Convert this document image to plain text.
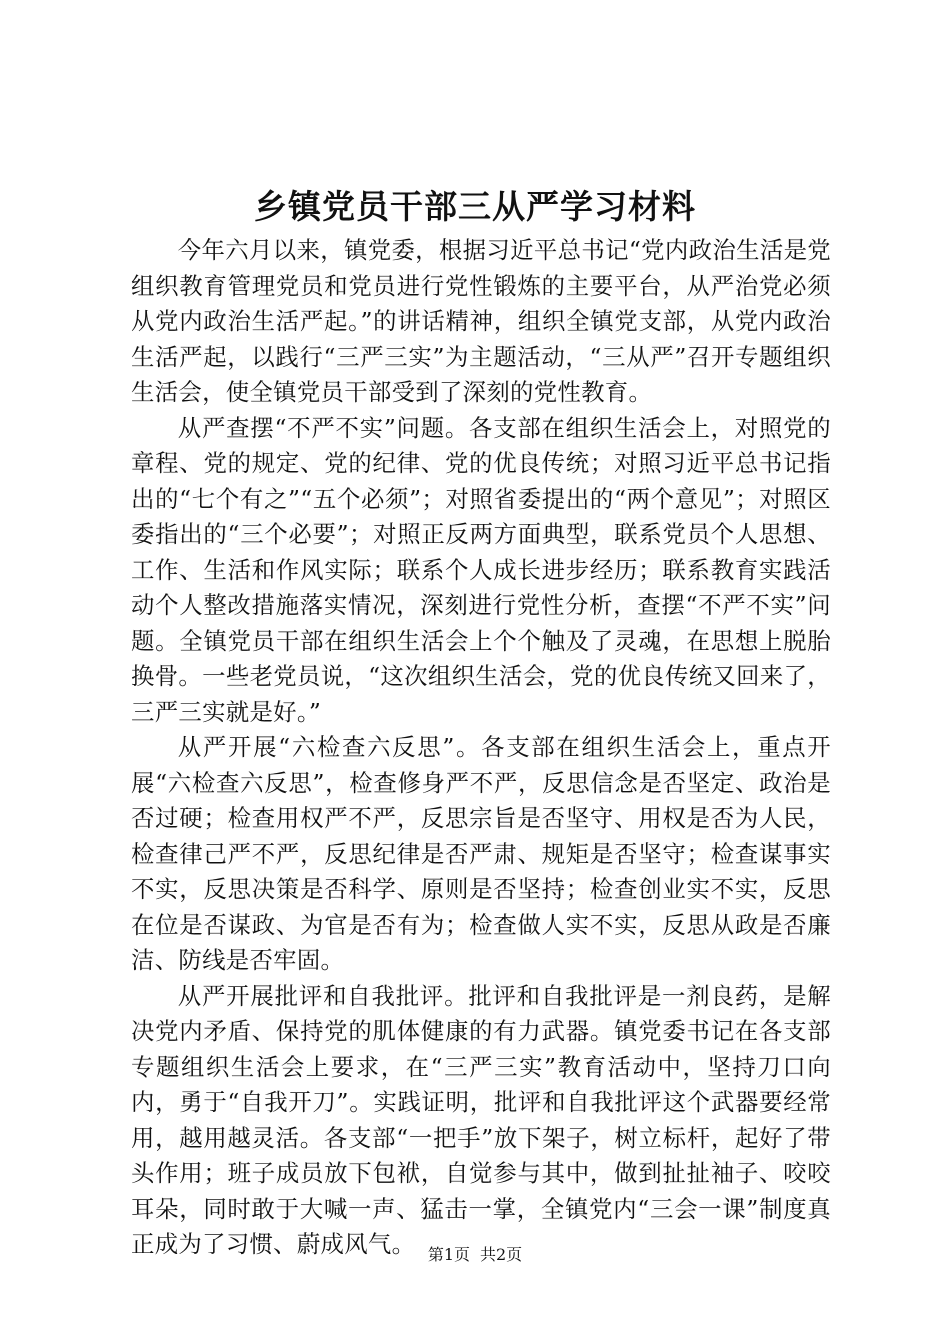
乡镇党员干部三从严学习材料

今年六月以来，镇党委，根据习近平总书记“党内政治生活是党组织教育管理党员和党员进行党性锻炼的主要平台，从严治党必须从党内政治生活严起。”的讲话精神，组织全镇党支部，从党内政治生活严起，以践行“三严三实”为主题活动，“三从严”召开专题组织生活会，使全镇党员干部受到了深刻的党性教育。

从严查摆“不严不实”问题。各支部在组织生活会上，对照党的章程、党的规定、党的纪律、党的优良传统；对照习近平总书记指出的“七个有之”“五个必须”；对照省委提出的“两个意见”；对照区委指出的“三个必要”；对照正反两方面典型，联系党员个人思想、工作、生活和作风实际；联系个人成长进步经历；联系教育实践活动个人整改措施落实情况，深刻进行党性分析，查摆“不严不实”问题。全镇党员干部在组织生活会上个个触及了灵魂，在思想上脱胎换骨。一些老党员说，“这次组织生活会，党的优良传统又回来了，三严三实就是好。”

从严开展“六检查六反思”。各支部在组织生活会上，重点开展“六检查六反思”，检查修身严不严，反思信念是否坚定、政治是否过硬；检查用权严不严，反思宗旨是否坚守、用权是否为人民，检查律己严不严，反思纪律是否严肃、规矩是否坚守；检查谋事实不实，反思决策是否科学、原则是否坚持；检查创业实不实，反思在位是否谋政、为官是否有为；检查做人实不实，反思从政是否廉洁、防线是否牢固。

从严开展批评和自我批评。批评和自我批评是一剂良药，是解决党内矛盾、保持党的肌体健康的有力武器。镇党委书记在各支部专题组织生活会上要求，在“三严三实”教育活动中，坚持刀口向内，勇于“自我开刀”。实践证明，批评和自我批评这个武器要经常用，越用越灵活。各支部“一把手”放下架子，树立标杆，起好了带头作用；班子成员放下包袱，自觉参与其中，做到扯扯袖子、咬咬耳朵，同时敢于大喊一声、猛击一掌，全镇党内“三会一课”制度真正成为了习惯、蔚成风气。 第1页 共2页
